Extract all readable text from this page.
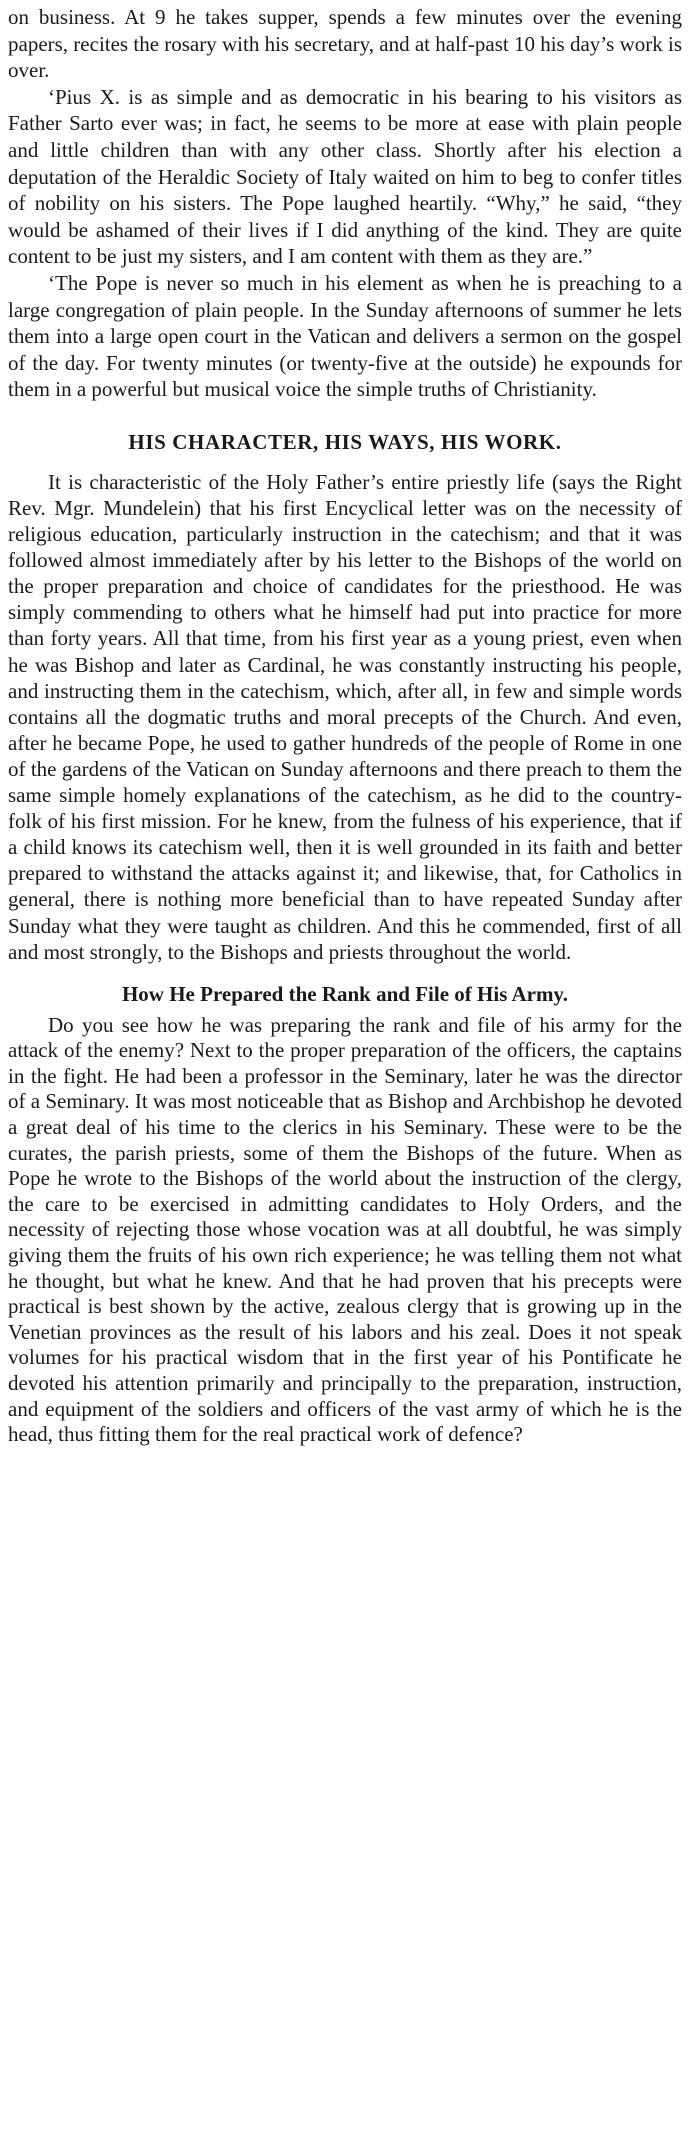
on business. At 9 he takes supper, spends a few minutes over the evening papers, recites the rosary with his secretary, and at half-past 10 his day’s work is over.

‘Pius X. is as simple and as democratic in his bearing to his visitors as Father Sarto ever was; in fact, he seems to be more at ease with plain people and little children than with any other class. Shortly after his election a deputation of the Heraldic Society of Italy waited on him to beg to confer titles of nobility on his sisters. The Pope laughed heartily. “Why,” he said, “they would be ashamed of their lives if I did anything of the kind. They are quite content to be just my sisters, and I am content with them as they are.”

‘The Pope is never so much in his element as when he is preaching to a large congregation of plain people. In the Sunday afternoons of summer he lets them into a large open court in the Vatican and delivers a sermon on the gospel of the day. For twenty minutes (or twenty-five at the outside) he expounds for them in a powerful but musical voice the simple truths of Christianity.

HIS CHARACTER, HIS WAYS, HIS WORK.

It is characteristic of the Holy Father’s entire priestly life (says the Right Rev. Mgr. Mundelein) that his first Encyclical letter was on the necessity of religious education, particularly instruction in the catechism; and that it was followed almost immediately after by his letter to the Bishops of the world on the proper preparation and choice of candidates for the priesthood. He was simply commending to others what he himself had put into practice for more than forty years. All that time, from his first year as a young priest, even when he was Bishop and later as Cardinal, he was constantly instructing his people, and instructing them in the catechism, which, after all, in few and simple words contains all the dogmatic truths and moral precepts of the Church. And even, after he became Pope, he used to gather hundreds of the people of Rome in one of the gardens of the Vatican on Sunday afternoons and there preach to them the same simple homely explanations of the catechism, as he did to the country-folk of his first mission. For he knew, from the fulness of his experience, that if a child knows its catechism well, then it is well grounded in its faith and better prepared to withstand the attacks against it; and likewise, that, for Catholics in general, there is nothing more beneficial than to have repeated Sunday after Sunday what they were taught as children. And this he commended, first of all and most strongly, to the Bishops and priests throughout the world.

How He Prepared the Rank and File of His Army.

Do you see how he was preparing the rank and file of his army for the attack of the enemy? Next to the proper preparation of the officers, the captains in the fight. He had been a professor in the Seminary, later he was the director of a Seminary. It was most noticeable that as Bishop and Archbishop he devoted a great deal of his time to the clerics in his Seminary. These were to be the curates, the parish priests, some of them the Bishops of the future. When as Pope he wrote to the Bishops of the world about the instruction of the clergy, the care to be exercised in admitting candidates to Holy Orders, and the necessity of rejecting those whose vocation was at all doubtful, he was simply giving them the fruits of his own rich experience; he was telling them not what he thought, but what he knew. And that he had proven that his precepts were practical is best shown by the active, zealous clergy that is growing up in the Venetian provinces as the result of his labors and his zeal. Does it not speak volumes for his practical wisdom that in the first year of his Pontificate he devoted his attention primarily and principally to the preparation, instruction, and equipment of the soldiers and officers of the vast army of which he is the head, thus fitting them for the real practical work of defence?
